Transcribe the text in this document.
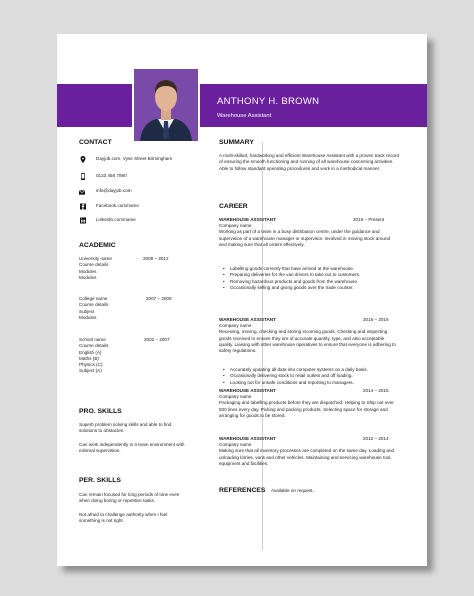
ANTHONY H. BROWN
Warehouse Assistant
CONTACT
Dayjob.com, Vyse Street Birmingham
0123 456 7890
info@dayjob.com
Facebook.com/name
Linkedin.com/name
ACADEMIC
University name
Course details
Modules
Modules
2009 – 2012
College name
Course details
Subject
Modules
2007 – 2009
School name
Course details
English (A)
Maths (B)
Physics (C)
Subject (A)
2002 – 2007
PRO. SKILLS
Superb problem solving skills and able to find solutions to obstacles.
Can work independently in a team environment with minimal supervision.
PER. SKILLS
Can remain focused for long periods of time even when doing boring or repetitive tasks.
Not afraid to challenge authority when I feel something is not right.
SUMMARY
A multi-skilled, hardworking and efficient Warehouse Assistant with a proven track record of ensuring the smooth functioning and running of all warehouse concerning activities. Able to follow standard operating procedures and work in a methodical manner.
CAREER
WAREHOUSE ASSISTANT	2016 – Present
Company name
Working as part of a team in a busy distribution centre, under the guidance and supervision of a warehouse manager or supervisor. Involved in moving stock around and making sure that all orders effectively.
• Labelling goods correctly that have arrived at the warehouse.
• Preparing deliveries for the van drivers to take out to customers.
• Removing hazardous products and goods from the warehouse.
• Occasionally selling and giving goods over the trade counter.
WAREHOUSE ASSISTANT	2015 – 2016
Company name
Receiving, moving, checking and storing incoming goods. Checking and inspecting goods received to ensure they are of accurate quantity, type, and also acceptable quality. Liaising with other warehouse operatives to ensure that everyone is adhering to safety regulations.
• Accurately updating all data into computer systems on a daily basis.
• Occasionally delivering stock to retail outlets and off loading.
• Looking out for unsafe conditions and reporting to managers.
WAREHOUSE ASSISTANT	2014 – 2015
Company name
Packaging and labelling products before they are dispatched. Helping to Ship out over 500 lines every day. Picking and packing products. Selecting space for storage and arranging for goods to be stored.
WAREHOUSE ASSISTANT	2012 – 2014
Company name
Making sure that all inventory processes are completed on the same day. Loading and unloading lorries, vans and other vehicles. Maintaining and servicing warehouse tool, equipment and facilities.
REFERENCES Available on request.
